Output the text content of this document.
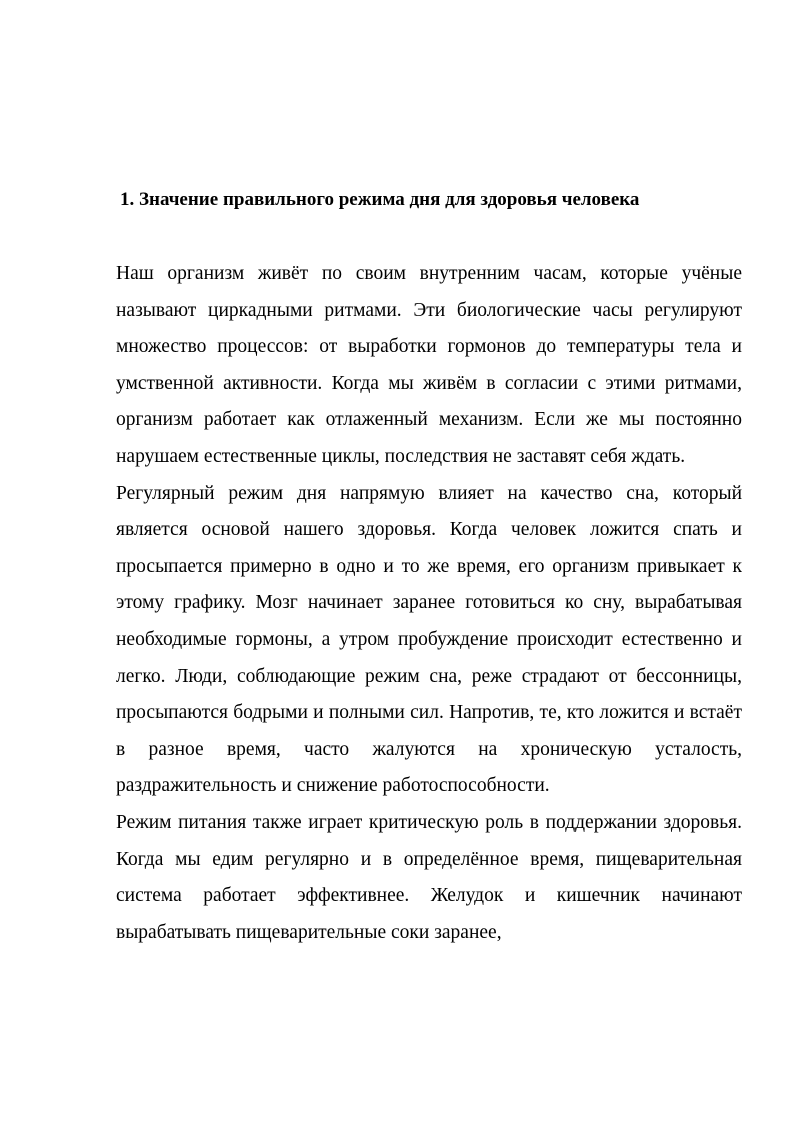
1. Значение правильного режима дня для здоровья человека

Наш организм живёт по своим внутренним часам, которые учёные называют циркадными ритмами. Эти биологические часы регулируют множество процессов: от выработки гормонов до температуры тела и умственной активности. Когда мы живём в согласии с этими ритмами, организм работает как отлаженный механизм. Если же мы постоянно нарушаем естественные циклы, последствия не заставят себя ждать.

Регулярный режим дня напрямую влияет на качество сна, который является основой нашего здоровья. Когда человек ложится спать и просыпается примерно в одно и то же время, его организм привыкает к этому графику. Мозг начинает заранее готовиться ко сну, вырабатывая необходимые гормоны, а утром пробуждение происходит естественно и легко. Люди, соблюдающие режим сна, реже страдают от бессонницы, просыпаются бодрыми и полными сил. Напротив, те, кто ложится и встаёт в разное время, часто жалуются на хроническую усталость, раздражительность и снижение работоспособности.

Режим питания также играет критическую роль в поддержании здоровья. Когда мы едим регулярно и в определённое время, пищеварительная система работает эффективнее. Желудок и кишечник начинают вырабатывать пищеварительные соки заранее,
